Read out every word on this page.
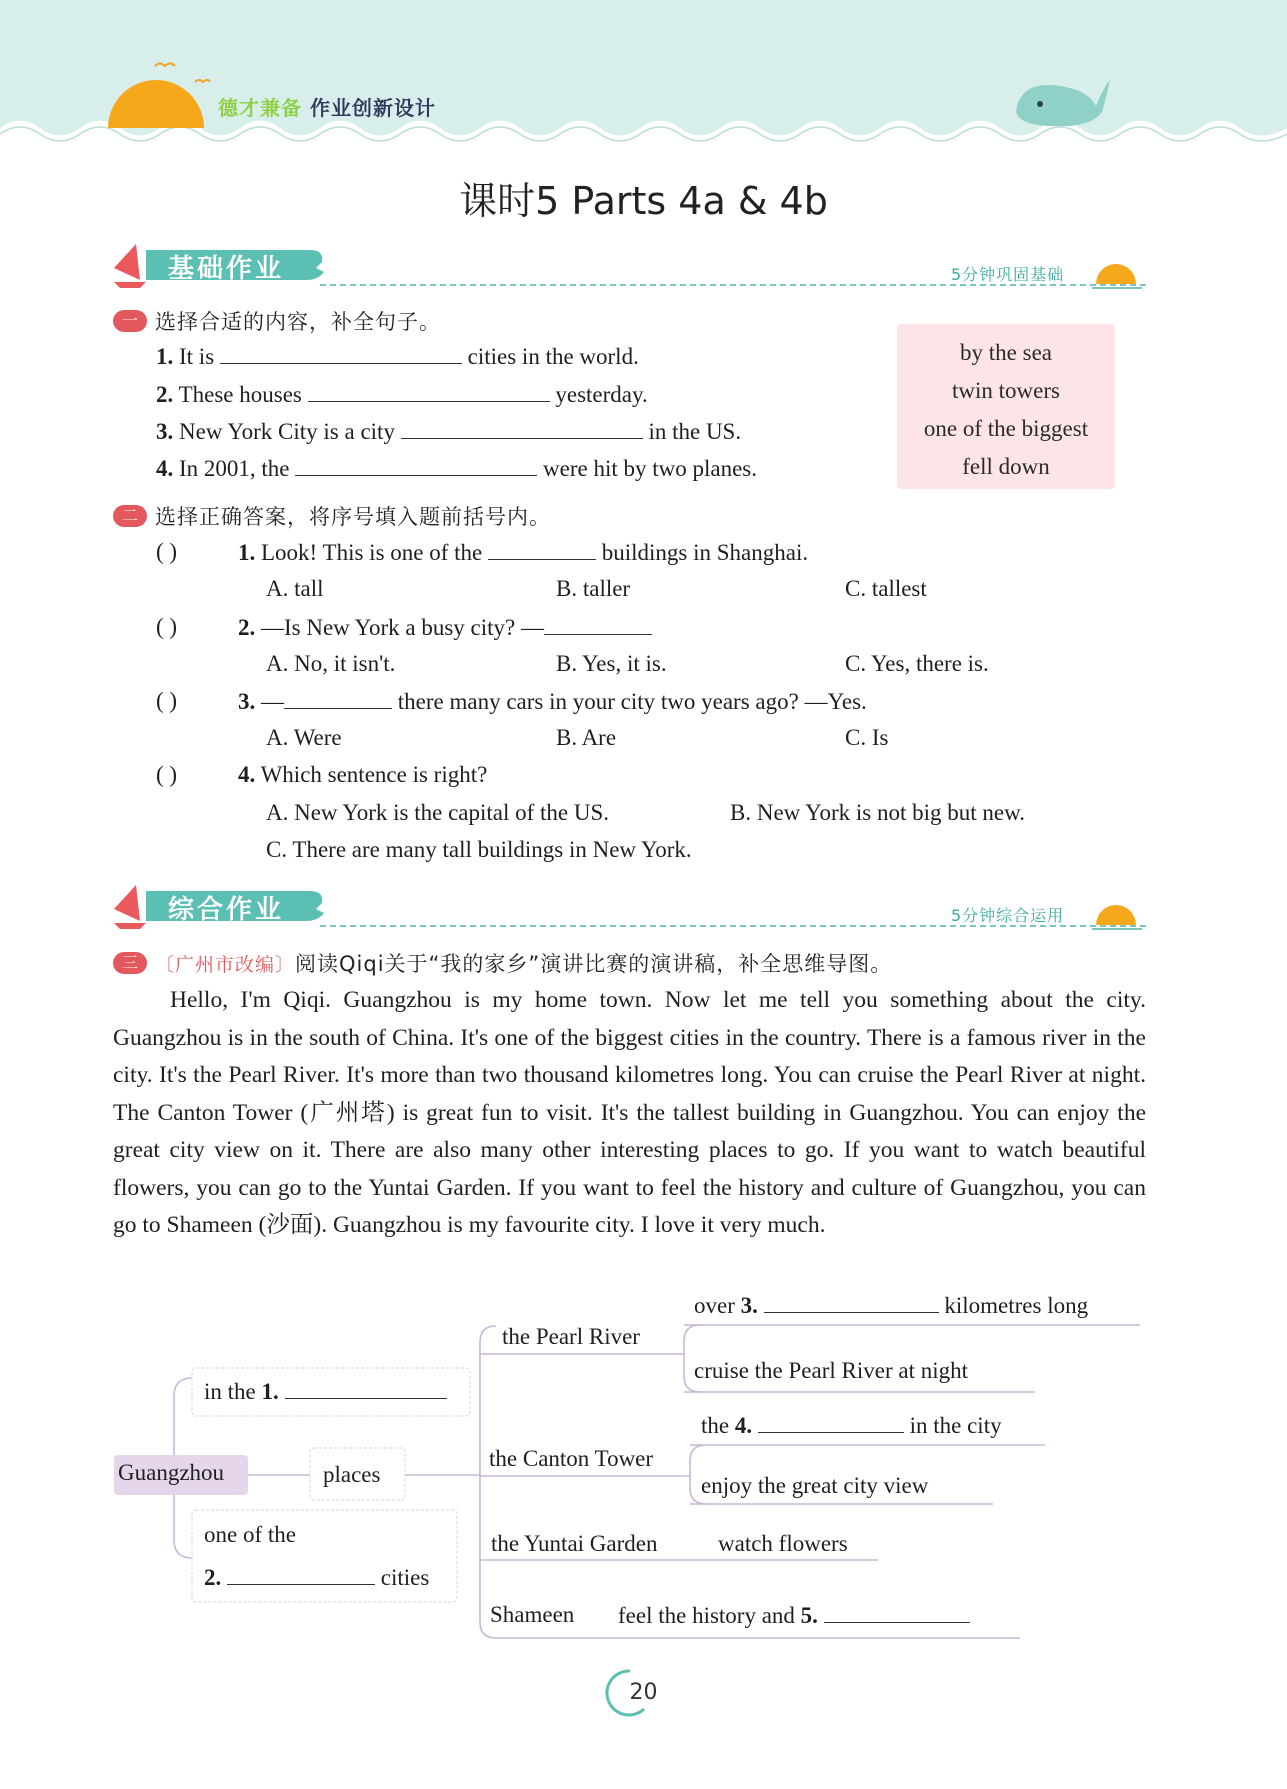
德才兼备 作业创新设计
课时5 Parts 4a & 4b
基础作业	5分钟巩固基础
一 选择合适的内容，补全句子。
1. It is	cities in the world.
2. These houses	yesterday.
3. New York City is a city	in the US.
4. In 2001, the	were hit by two planes.
by the sea
twin towers
one of the biggest
fell down
二 选择正确答案，将序号填入题前括号内。
( )	1. Look! This is one of the	buildings in Shanghai.
A. tall	B. taller	C. tallest
( )	2. —Is New York a busy city? —
A. No, it isn't.	B. Yes, it is.	C. Yes, there is.
( )	3. —	there many cars in your city two years ago? —Yes.
A. Were	B. Are	C. Is
( )	4. Which sentence is right?
A. New York is the capital of the US.	B. New York is not big but new.
C. There are many tall buildings in New York.
综合作业	5分钟综合运用
三 〔广州市改编〕阅读Qiqi关于“我的家乡”演讲比赛的演讲稿，补全思维导图。

Hello, I'm Qiqi. Guangzhou is my home town. Now let me tell you something about the city. Guangzhou is in the south of China. It's one of the biggest cities in the country. There is a famous river in the city. It's the Pearl River. It's more than two thousand kilometres long. You can cruise the Pearl River at night. The Canton Tower (广州塔) is great fun to visit. It's the tallest building in Guangzhou. You can enjoy the great city view on it. There are also many other interesting places to go. If you want to watch beautiful flowers, you can go to the Yuntai Garden. If you want to feel the history and culture of Guangzhou, you can go to Shameen (沙面). Guangzhou is my favourite city. I love it very much.

Guangzhou
in the 1.
places
one of the
2.	cities
the Pearl River
over 3.	kilometres long
cruise the Pearl River at night
the Canton Tower
the 4.	in the city
enjoy the great city view
the Yuntai Garden	watch flowers
Shameen feel the history and 5.
20
